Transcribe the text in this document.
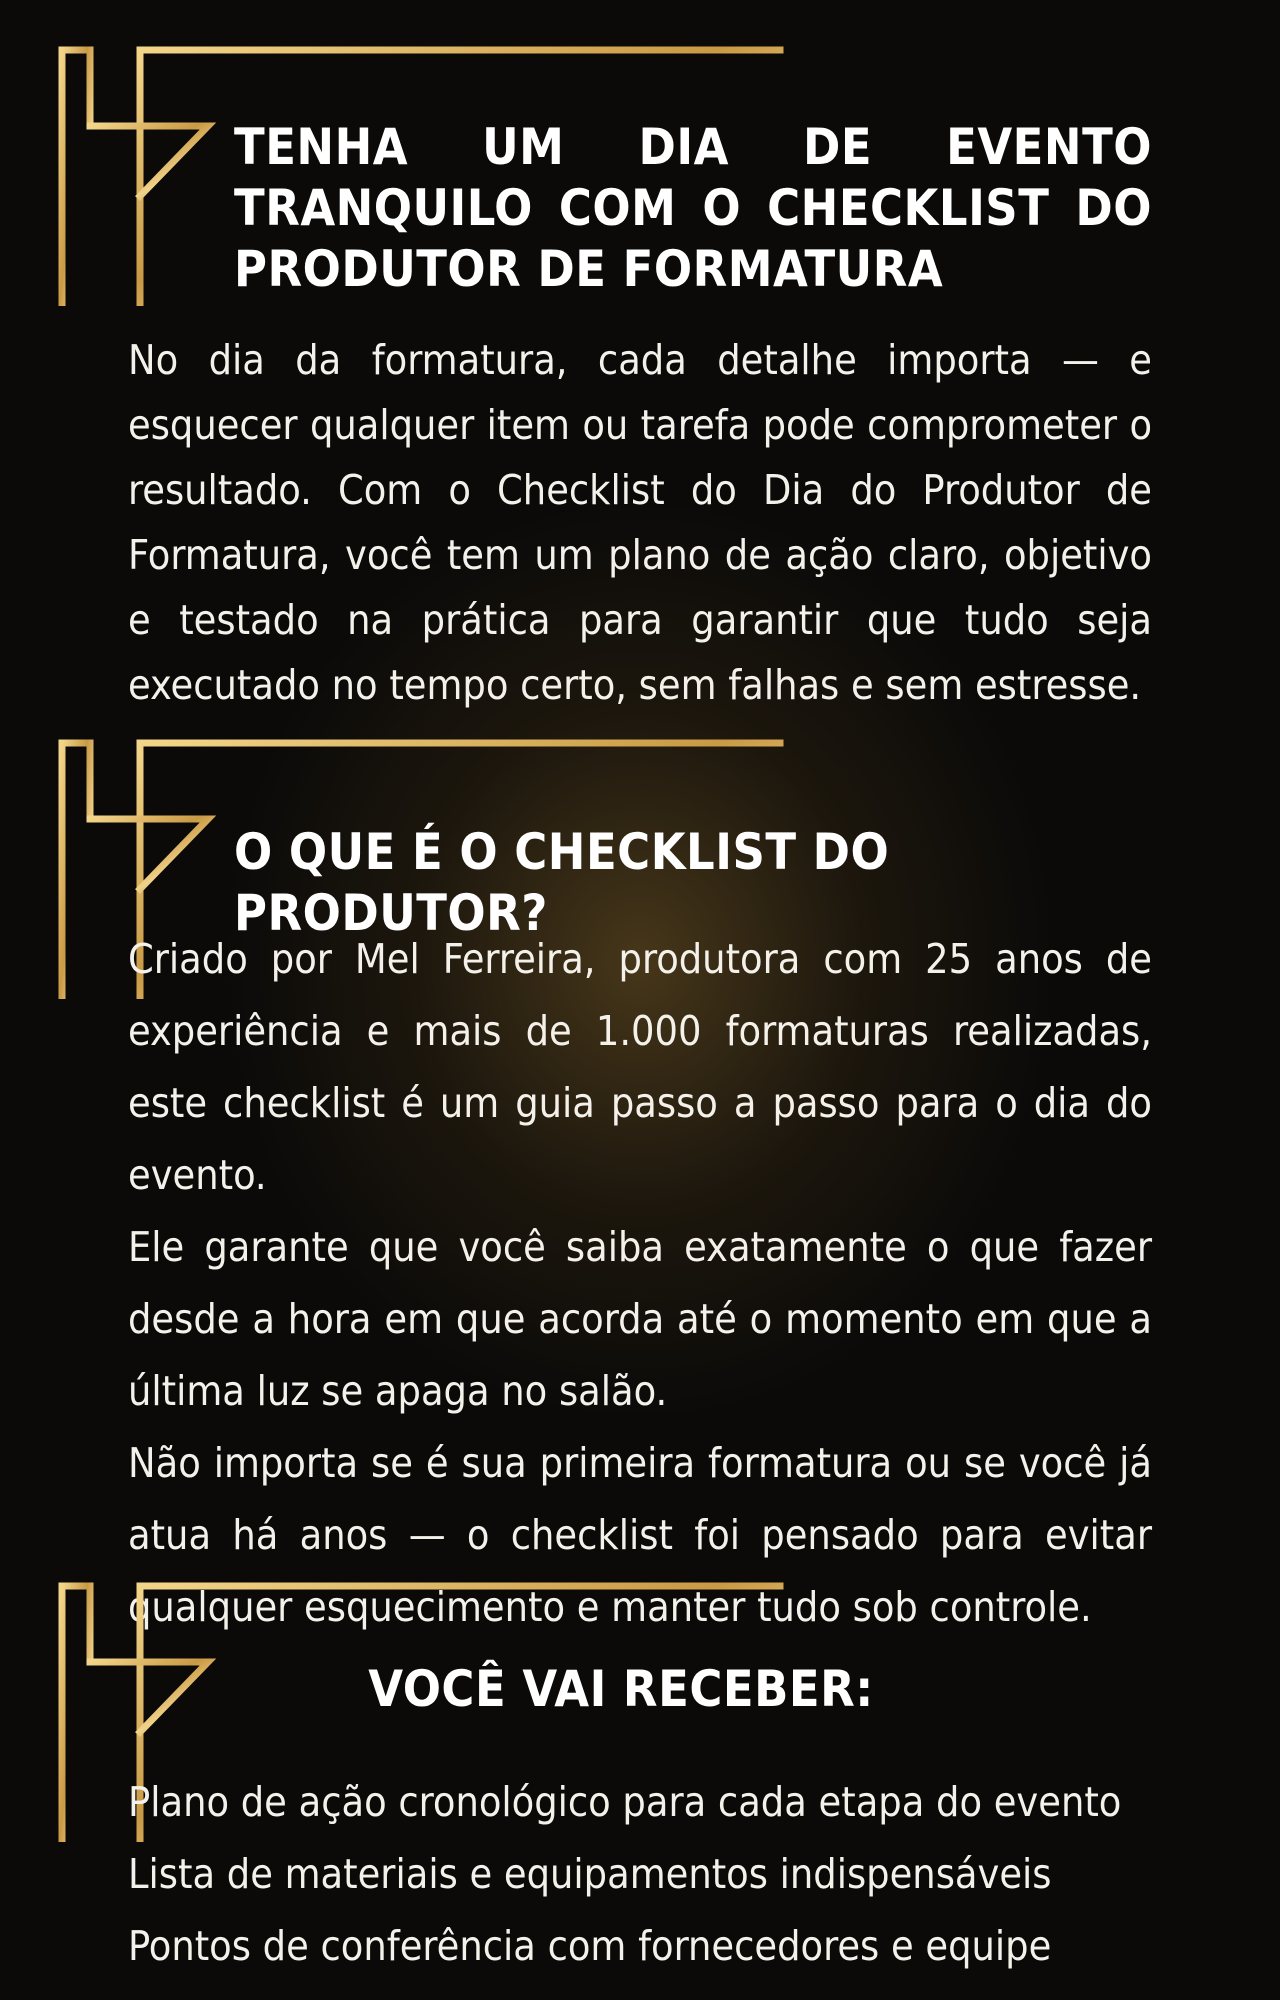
TENHA UM DIA DE EVENTO TRANQUILO COM O CHECKLIST DO PRODUTOR DE FORMATURA

No dia da formatura, cada detalhe importa — e esquecer qualquer item ou tarefa pode comprometer o resultado. Com o Checklist do Dia do Produtor de Formatura, você tem um plano de ação claro, objetivo e testado na prática para garantir que tudo seja executado no tempo certo, sem falhas e sem estresse.

O QUE É O CHECKLIST DO PRODUTOR?
Criado por Mel Ferreira, produtora com 25 anos de experiência e mais de 1.000 formaturas realizadas, este checklist é um guia passo a passo para o dia do evento.
Ele garante que você saiba exatamente o que fazer desde a hora em que acorda até o momento em que a última luz se apaga no salão.
Não importa se é sua primeira formatura ou se você já atua há anos — o checklist foi pensado para evitar qualquer esquecimento e manter tudo sob controle.
VOCÊ VAI RECEBER:
Plano de ação cronológico para cada etapa do evento
Lista de materiais e equipamentos indispensáveis
Pontos de conferência com fornecedores e equipe
